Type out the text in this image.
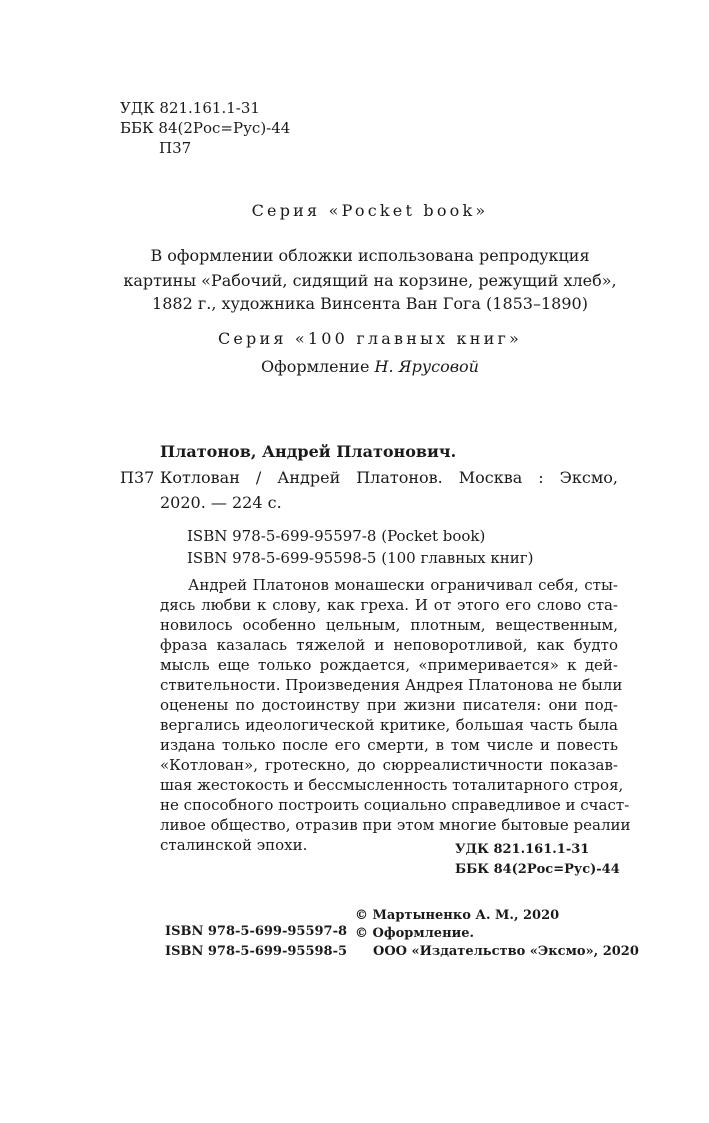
УДК 821.161.1-31
ББК 84(2Рос=Рус)-44
П37
Серия «Pocket book»
В оформлении обложки использована репродукция
картины «Рабочий, сидящий на корзине, режущий хлеб»,
1882 г., художника Винсента Ван Гога (1853–1890)
Серия «100 главных книг»
Оформление Н. Ярусовой
Платонов, Андрей Платонович.
П37 Котлован / Андрей Платонов. Москва : Эксмо,
2020. — 224 с.
ISBN 978-5-699-95597-8 (Pocket book)
ISBN 978-5-699-95598-5 (100 главных книг)
Андрей Платонов монашески ограничивал себя, сты-
дясь любви к слову, как греха. И от этого его слово ста-
новилось особенно цельным, плотным, вещественным,
фраза казалась тяжелой и неповоротливой, как будто
мысль еще только рождается, «примеривается» к дей-
ствительности. Произведения Андрея Платонова не были
оценены по достоинству при жизни писателя: они под-
вергались идеологической критике, большая часть была
издана только после его смерти, в том числе и повесть
«Котлован», гротескно, до сюрреалистичности показав-
шая жестокость и бессмысленность тоталитарного строя,
не способного построить социально справедливое и счаст-
ливое общество, отразив при этом многие бытовые реалии
сталинской эпохи.	УДК 821.161.1-31
ББК 84(2Рос=Рус)-44
ISBN 978-5-699-95597-8
ISBN 978-5-699-95598-5
© Мартыненко А. М., 2020
© Оформление.
ООО «Издательство «Эксмо», 2020
